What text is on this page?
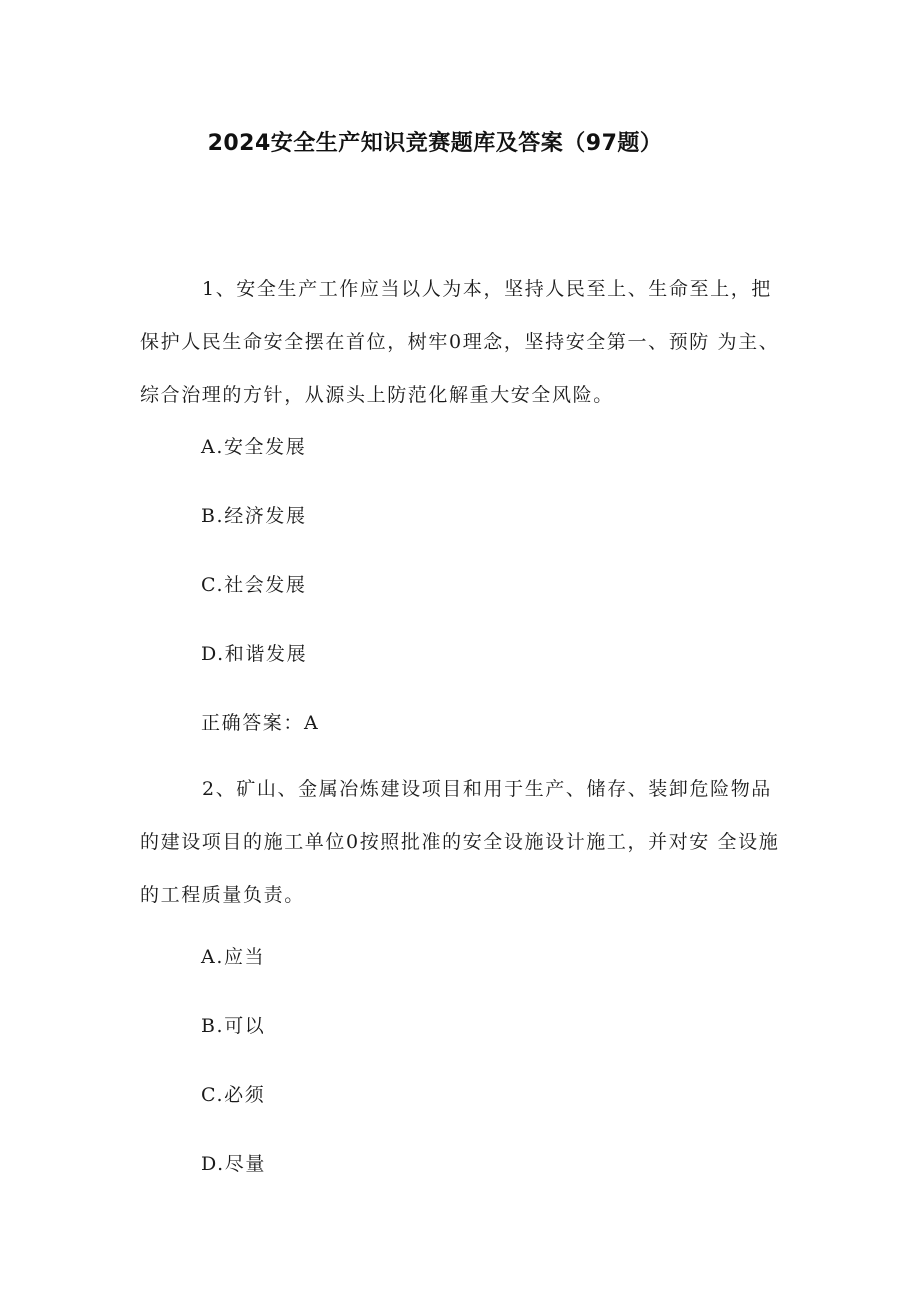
2024安全生产知识竞赛题库及答案（97题）

1、安全生产工作应当以人为本，坚持人民至上、生命至上，把保护人民生命安全摆在首位，树牢0理念，坚持安全第一、预防 为主、综合治理的方针，从源头上防范化解重大安全风险。

A.安全发展

B.经济发展

C.社会发展

D.和谐发展

正确答案：A

2、矿山、金属冶炼建设项目和用于生产、储存、装卸危险物品的建设项目的施工单位0按照批准的安全设施设计施工，并对安 全设施的工程质量负责。

A.应当

B.可以

C.必须

D.尽量
